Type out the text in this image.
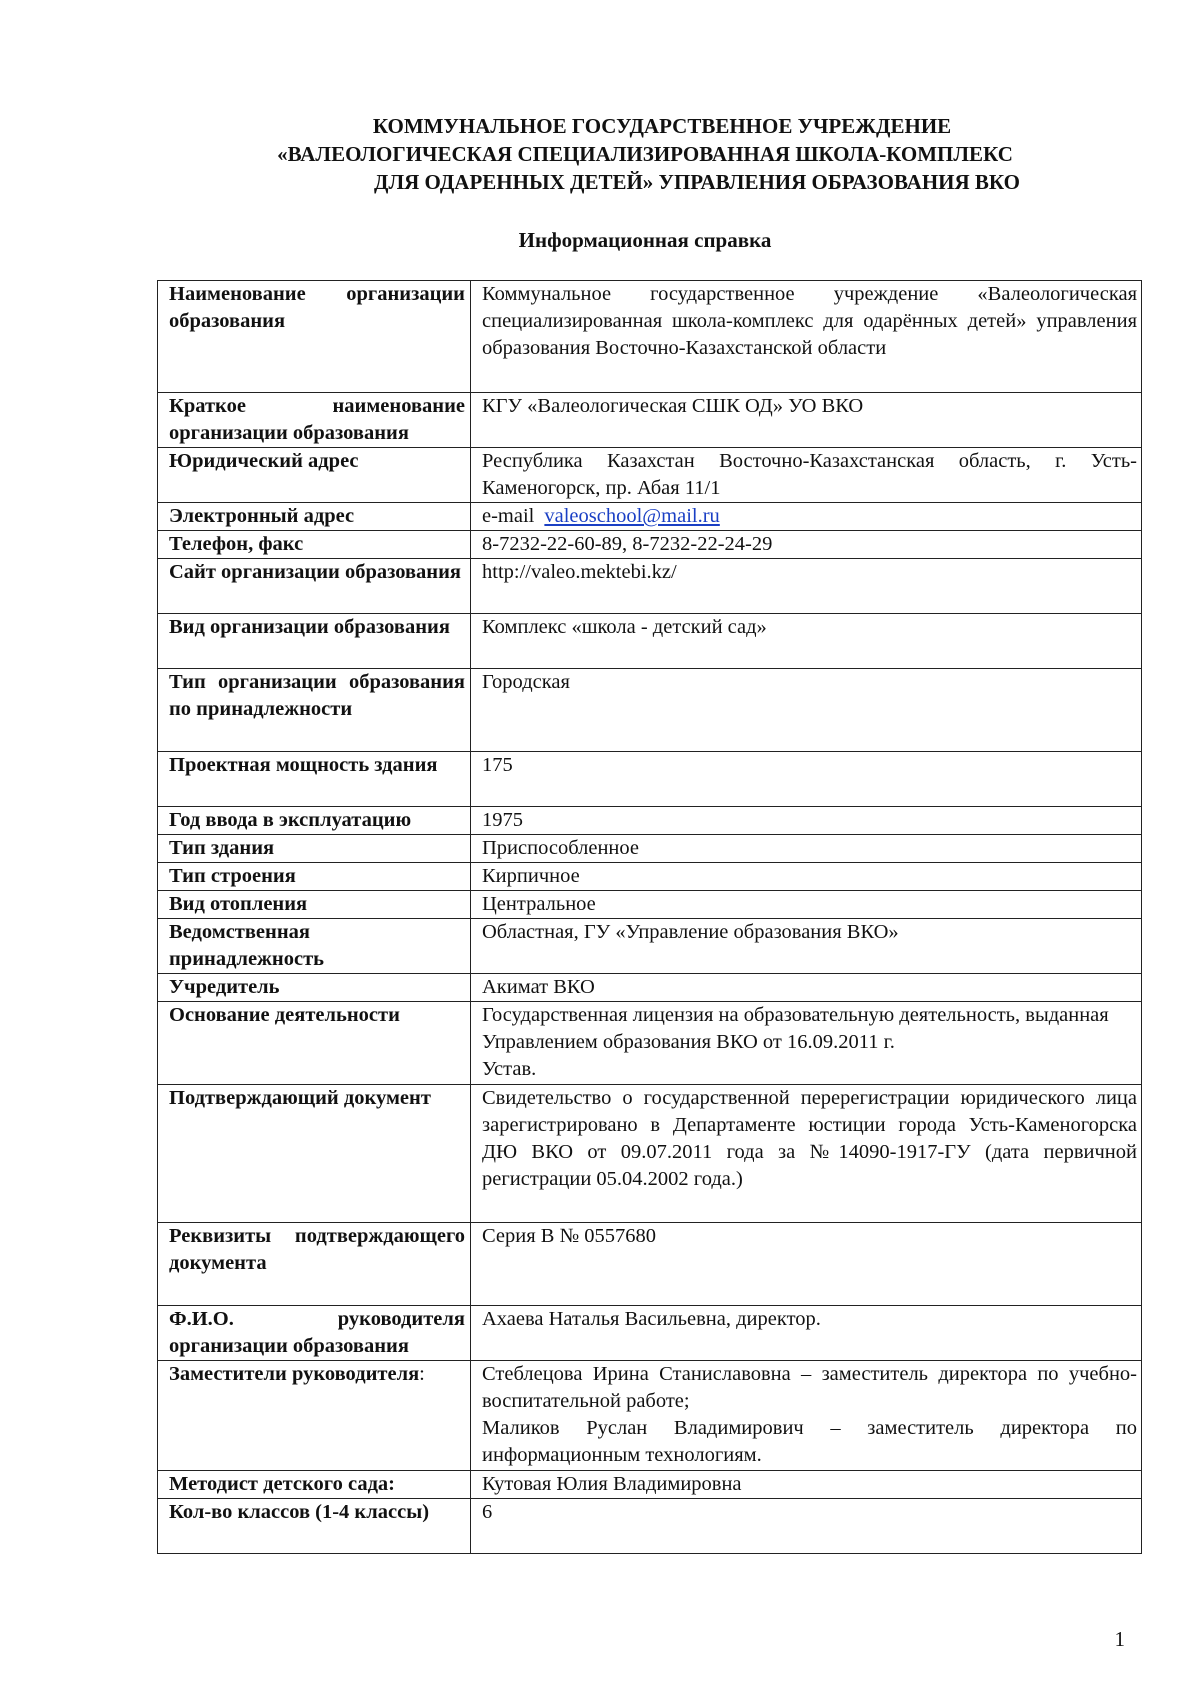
КОММУНАЛЬНОЕ ГОСУДАРСТВЕННОЕ УЧРЕЖДЕНИЕ
«ВАЛЕОЛОГИЧЕСКАЯ СПЕЦИАЛИЗИРОВАННАЯ ШКОЛА-КОМПЛЕКС
ДЛЯ ОДАРЕННЫХ ДЕТЕЙ» УПРАВЛЕНИЯ ОБРАЗОВАНИЯ ВКО
Информационная справка
Наименование организации образования	Коммунальное государственное учреждение «Валеологическая специализированная школа-комплекс для одарённых детей» управления образования Восточно-Казахстанской области

Краткое наименование организации образования	КГУ «Валеологическая СШК ОД» УО ВКО

Юридический адрес	Республика Казахстан Восточно-Казахстанская область, г. Усть-Каменогорск, пр. Абая 11/1

Электронный адрес	e-mail valeoschool@mail.ru
Телефон, факс	8-7232-22-60-89, 8-7232-22-24-29

Сайт организации образования	http://valeo.mektebi.kz/

Вид организации образования	Комплекс «школа - детский сад»

Тип организации образования по принадлежности	Городская

Проектная мощность здания	175

Год ввода в эксплуатацию	1975

Тип здания	Приспособленное

Тип строения	Кирпичное

Вид отопления	Центральное

Ведомственная принадлежность	Областная, ГУ «Управление образования ВКО»

Учредитель	Акимат ВКО

Основание деятельности	Государственная лицензия на образовательную деятельность, выданная Управлением образования ВКО от 16.09.2011 г.
Устав.

Подтверждающий документ	Свидетельство о государственной перерегистрации юридического лица зарегистрировано в Департаменте юстиции города Усть-Каменогорска ДЮ ВКО от 09.07.2011 года за №14090-1917-ГУ (дата первичной регистрации 05.04.2002 года.)

Реквизиты подтверждающего документа	Серия В № 0557680

Ф.И.О. руководителя организации образования	Ахаева Наталья Васильевна, директор.

Заместители руководителя:	Стеблецова Ирина Станиславовна – заместитель директора по учебно-воспитательной работе;
Маликов Руслан Владимирович – заместитель директора по информационным технологиям.

Методист детского сада:	Кутовая Юлия Владимировна

Кол-во классов (1-4 классы)	6
1
